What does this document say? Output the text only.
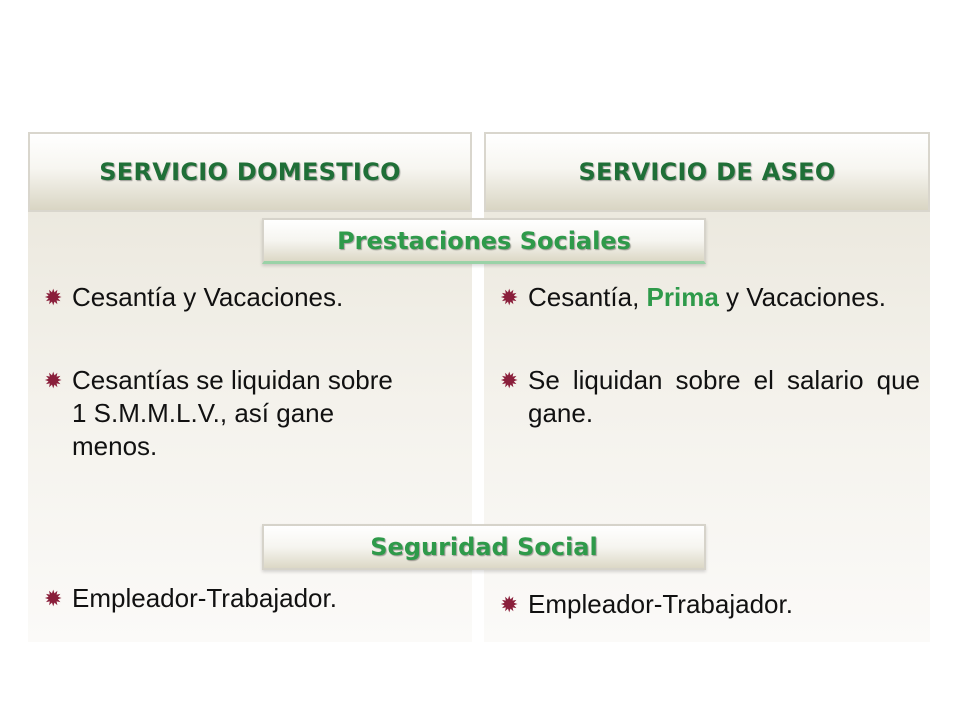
SERVICIO DOMESTICO	SERVICIO DE ASEO
Prestaciones Sociales
✹ Cesantía y Vacaciones.
✹ Cesantías se liquidan sobre 1 S.M.M.L.V., así gane menos.
✹ Cesantía, Prima y Vacaciones.
✹ Se liquidan sobre el salario que gane.
Seguridad Social
✹ Empleador-Trabajador.	✹ Empleador-Trabajador.
